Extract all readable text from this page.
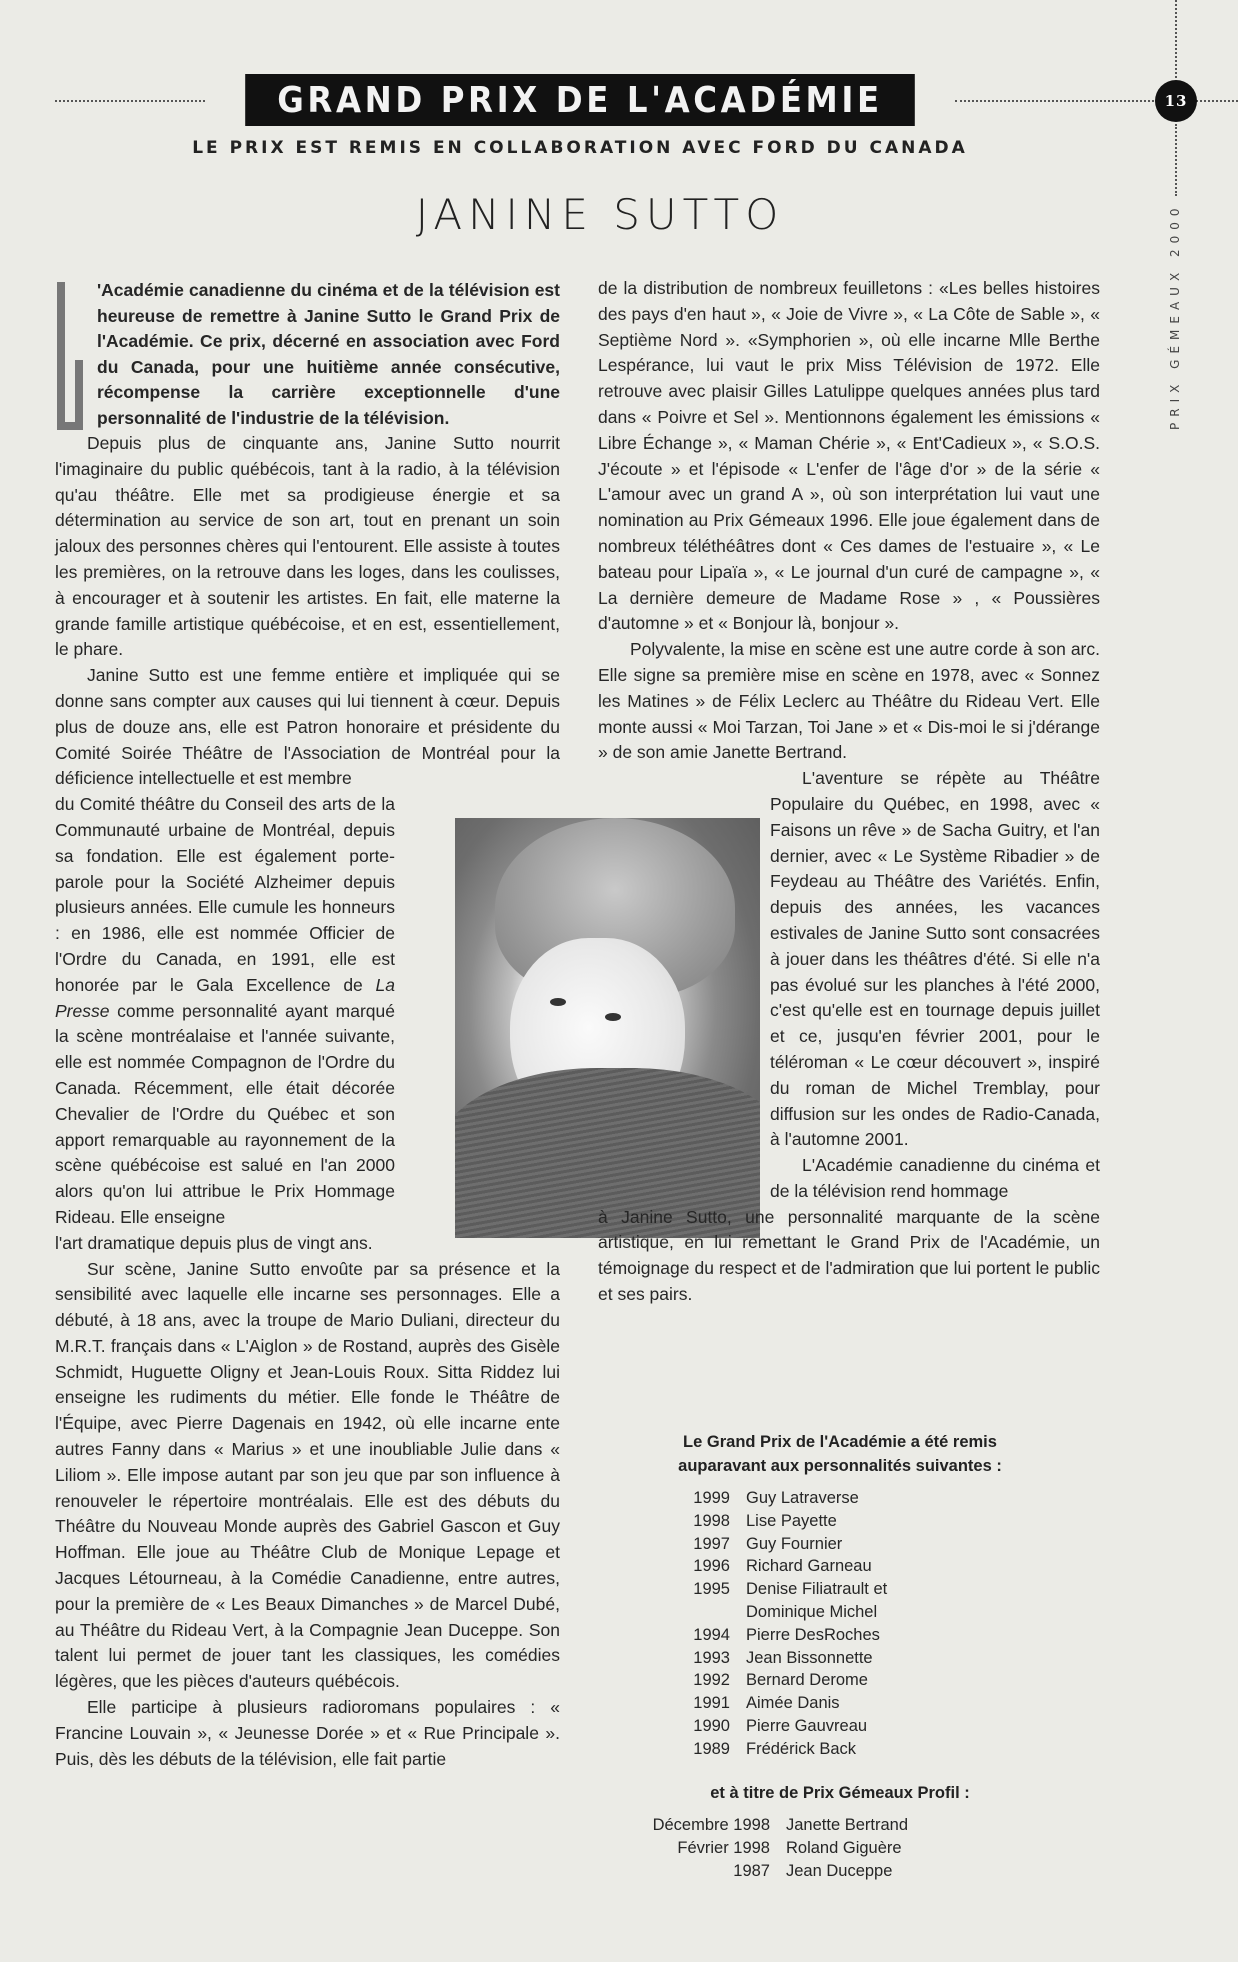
GRAND PRIX DE L'ACADÉMIE	13
LE PRIX EST REMIS EN COLLABORATION AVEC FORD DU CANADA
JANINE SUTTO	PRIX GÉMEAUX 2000

'Académie canadienne du cinéma et de la télévision est heureuse de remettre à Janine Sutto le Grand Prix de l'Académie. Ce prix, décerné en association avec Ford du Canada, pour une huitième année consécutive, récompense la carrière exceptionnelle d'une personnalité de l'industrie de la télévision.

Depuis plus de cinquante ans, Janine Sutto nourrit l'imaginaire du public québécois, tant à la radio, à la télévision qu'au théâtre. Elle met sa prodigieuse énergie et sa détermination au service de son art, tout en prenant un soin jaloux des personnes chères qui l'entourent. Elle assiste à toutes les premières, on la retrouve dans les loges, dans les coulisses, à encourager et à soutenir les artistes. En fait, elle materne la grande famille artistique québécoise, et en est, essentiellement, le phare.

Janine Sutto est une femme entière et impliquée qui se donne sans compter aux causes qui lui tiennent à cœur. Depuis plus de douze ans, elle est Patron honoraire et présidente du Comité Soirée Théâtre de l'Association de Montréal pour la déficience intellectuelle et est membre

du Comité théâtre du Conseil des arts de la Communauté urbaine de Montréal, depuis sa fondation. Elle est également porte-parole pour la Société Alzheimer depuis plusieurs années. Elle cumule les honneurs : en 1986, elle est nommée Officier de l'Ordre du Canada, en 1991, elle est honorée par le Gala Excellence de La Presse comme personnalité ayant marqué la scène montréalaise et l'année suivante, elle est nommée Compagnon de l'Ordre du Canada. Récemment, elle était décorée Chevalier de l'Ordre du Québec et son apport remarquable au rayonnement de la scène québécoise est salué en l'an 2000 alors qu'on lui attribue le Prix Hommage Rideau. Elle enseigne

l'art dramatique depuis plus de vingt ans.

Sur scène, Janine Sutto envoûte par sa présence et la sensibilité avec laquelle elle incarne ses personnages. Elle a débuté, à 18 ans, avec la troupe de Mario Duliani, directeur du M.R.T. français dans « L'Aiglon » de Rostand, auprès des Gisèle Schmidt, Huguette Oligny et Jean-Louis Roux. Sitta Riddez lui enseigne les rudiments du métier. Elle fonde le Théâtre de l'Équipe, avec Pierre Dagenais en 1942, où elle incarne ente autres Fanny dans « Marius » et une inoubliable Julie dans « Liliom ». Elle impose autant par son jeu que par son influence à renouveler le répertoire montréalais. Elle est des débuts du Théâtre du Nouveau Monde auprès des Gabriel Gascon et Guy Hoffman. Elle joue au Théâtre Club de Monique Lepage et Jacques Létourneau, à la Comédie Canadienne, entre autres, pour la première de « Les Beaux Dimanches » de Marcel Dubé, au Théâtre du Rideau Vert, à la Compagnie Jean Duceppe. Son talent lui permet de jouer tant les classiques, les comédies légères, que les pièces d'auteurs québécois.

Elle participe à plusieurs radioromans populaires : « Francine Louvain », « Jeunesse Dorée » et « Rue Principale ». Puis, dès les débuts de la télévision, elle fait partie

de la distribution de nombreux feuilletons : «Les belles histoires des pays d'en haut », « Joie de Vivre », « La Côte de Sable », « Septième Nord ». «Symphorien », où elle incarne Mlle Berthe Lespérance, lui vaut le prix Miss Télévision de 1972. Elle retrouve avec plaisir Gilles Latulippe quelques années plus tard dans « Poivre et Sel ». Mentionnons également les émissions « Libre Échange », « Maman Chérie », « Ent'Cadieux », « S.O.S. J'écoute » et l'épisode « L'enfer de l'âge d'or » de la série « L'amour avec un grand A », où son interprétation lui vaut une nomination au Prix Gémeaux 1996. Elle joue également dans de nombreux téléthéâtres dont « Ces dames de l'estuaire », « Le bateau pour Lipaïa », « Le journal d'un curé de campagne », « La dernière demeure de Madame Rose » , « Poussières d'automne » et « Bonjour là, bonjour ».

Polyvalente, la mise en scène est une autre corde à son arc. Elle signe sa première mise en scène en 1978, avec « Sonnez les Matines » de Félix Leclerc au Théâtre du Rideau Vert. Elle monte aussi « Moi Tarzan, Toi Jane » et « Dis-moi le si j'dérange » de son amie Janette Bertrand.

L'aventure se répète au Théâtre Populaire du Québec, en 1998, avec « Faisons un rêve » de Sacha Guitry, et l'an dernier, avec « Le Système Ribadier » de Feydeau au Théâtre des Variétés. Enfin, depuis des années, les vacances estivales de Janine Sutto sont consacrées à jouer dans les théâtres d'été. Si elle n'a pas évolué sur les planches à l'été 2000, c'est qu'elle est en tournage depuis juillet et ce, jusqu'en février 2001, pour le téléroman « Le cœur découvert », inspiré du roman de Michel Tremblay, pour diffusion sur les ondes de Radio-Canada, à l'automne 2001.

L'Académie canadienne du cinéma et de la télévision rend hommage

à Janine Sutto, une personnalité marquante de la scène artistique, en lui remettant le Grand Prix de l'Académie, un témoignage du respect et de l'admiration que lui portent le public et ses pairs.

Le Grand Prix de l'Académie a été remis
auparavant aux personnalités suivantes :
1999 Guy Latraverse
1998 Lise Payette
1997 Guy Fournier
1996 Richard Garneau
1995 Denise Filiatrault et
Dominique Michel
1994 Pierre DesRoches
1993 Jean Bissonnette
1992 Bernard Derome
1991 Aimée Danis
1990 Pierre Gauvreau
1989 Frédérick Back
et à titre de Prix Gémeaux Profil :
Décembre 1998 Janette Bertrand
Février 1998 Roland Giguère
1987 Jean Duceppe
